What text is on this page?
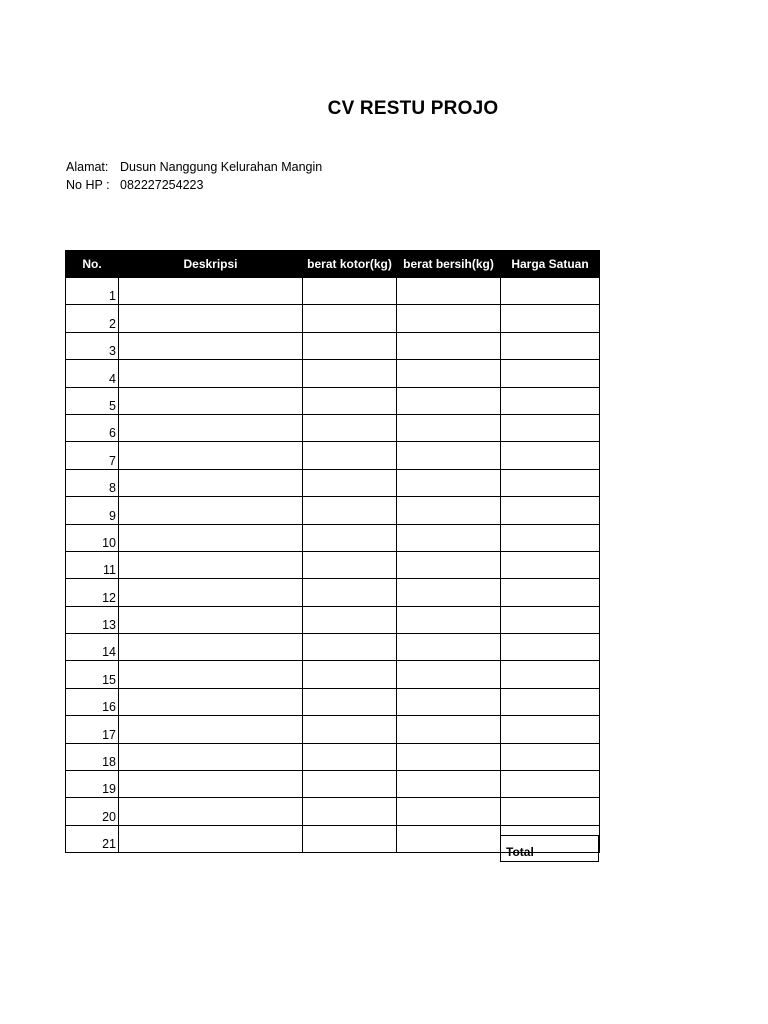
CV RESTU PROJO
Alamat: Dusun Nanggung Kelurahan Mangin
No HP : 082227254223
No.	Deskripsi	berat kotor(kg)	berat bersih(kg)	Harga Satuan
1				
2				
3				
4				
5				
6				
7				
8				
9				
10				
11				
12				
13				
14				
15				
16				
17				
18				
19				
20				
21				
Total
